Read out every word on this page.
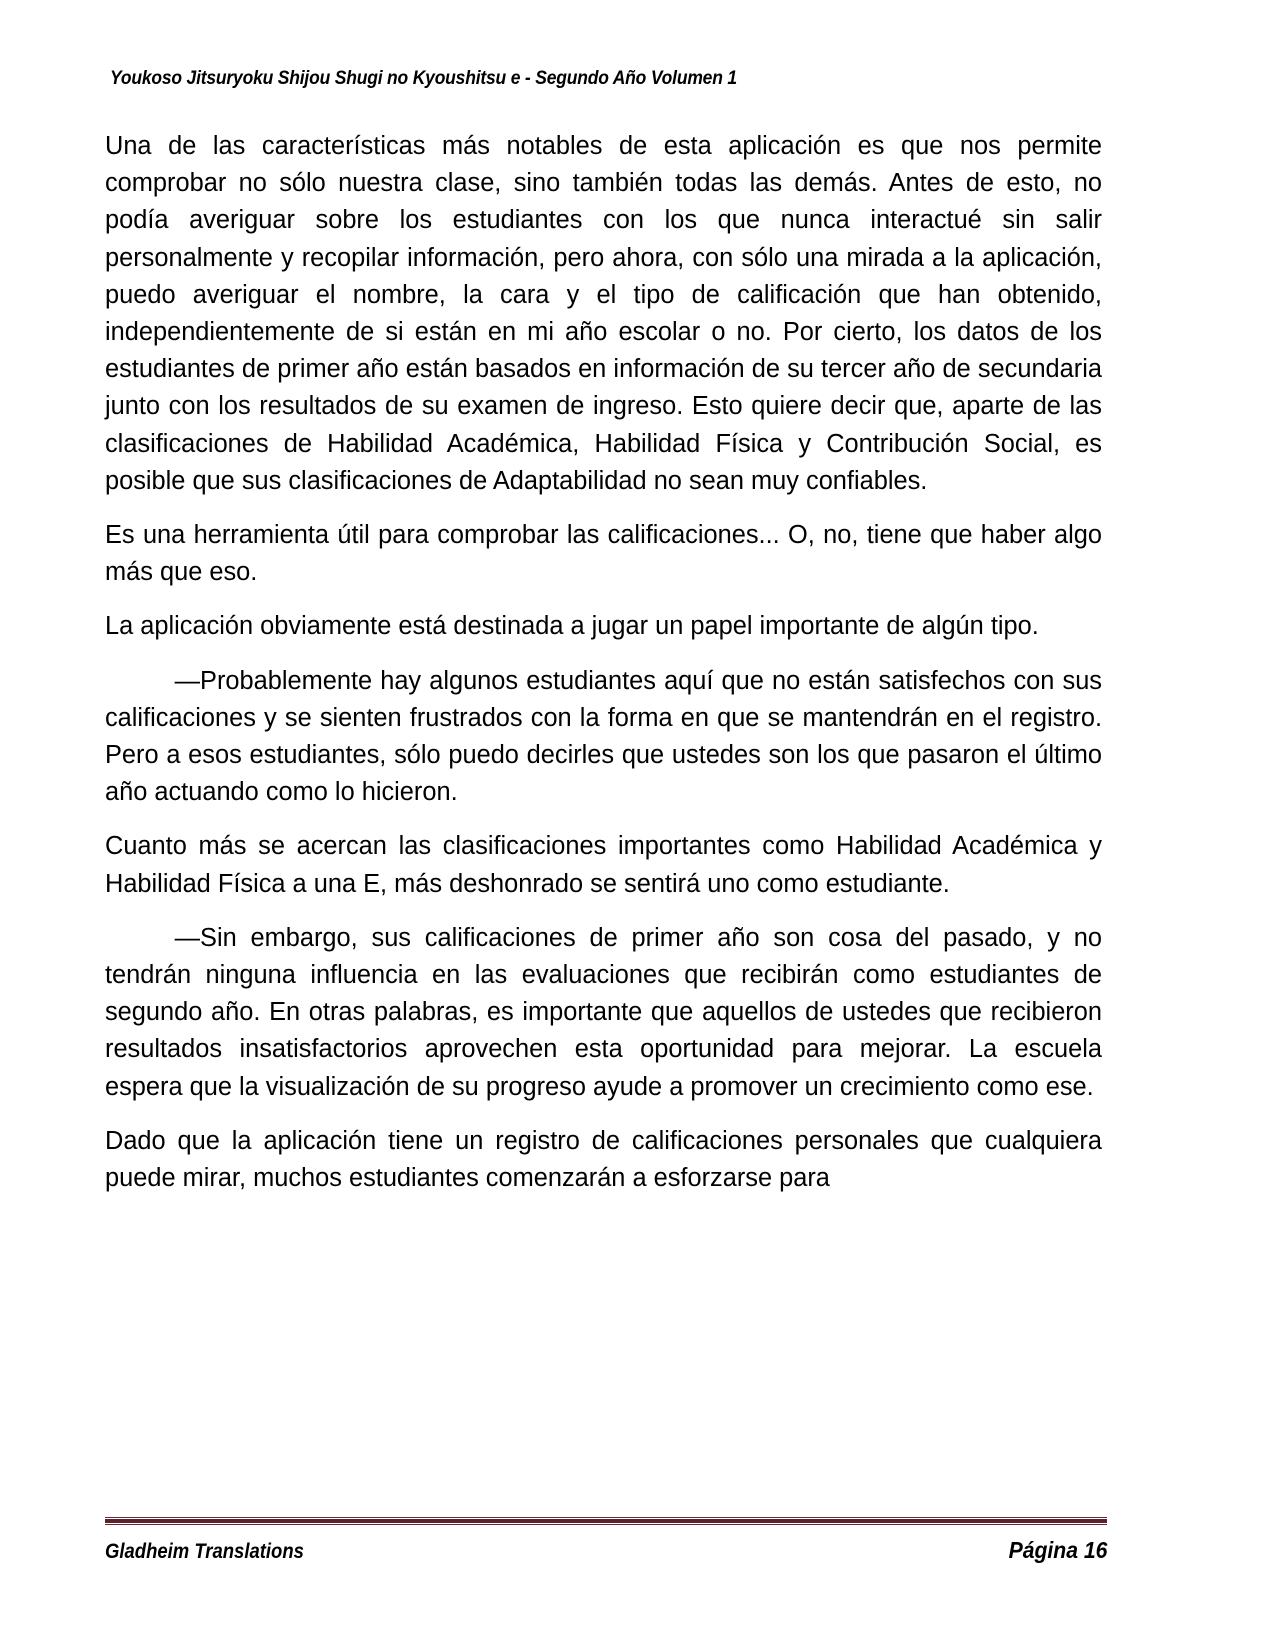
Youkoso Jitsuryoku Shijou Shugi no Kyoushitsu e - Segundo Año Volumen 1

Una de las características más notables de esta aplicación es que nos permite comprobar no sólo nuestra clase, sino también todas las demás. Antes de esto, no podía averiguar sobre los estudiantes con los que nunca interactué sin salir personalmente y recopilar información, pero ahora, con sólo una mirada a la aplicación, puedo averiguar el nombre, la cara y el tipo de calificación que han obtenido, independientemente de si están en mi año escolar o no. Por cierto, los datos de los estudiantes de primer año están basados en información de su tercer año de secundaria junto con los resultados de su examen de ingreso. Esto quiere decir que, aparte de las clasificaciones de Habilidad Académica, Habilidad Física y Contribución Social, es posible que sus clasificaciones de Adaptabilidad no sean muy confiables.

Es una herramienta útil para comprobar las calificaciones... O, no, tiene que haber algo más que eso.

La aplicación obviamente está destinada a jugar un papel importante de algún tipo.

—Probablemente hay algunos estudiantes aquí que no están satisfechos con sus calificaciones y se sienten frustrados con la forma en que se mantendrán en el registro. Pero a esos estudiantes, sólo puedo decirles que ustedes son los que pasaron el último año actuando como lo hicieron.

Cuanto más se acercan las clasificaciones importantes como Habilidad Académica y Habilidad Física a una E, más deshonrado se sentirá uno como estudiante.

—Sin embargo, sus calificaciones de primer año son cosa del pasado, y no tendrán ninguna influencia en las evaluaciones que recibirán como estudiantes de segundo año. En otras palabras, es importante que aquellos de ustedes que recibieron resultados insatisfactorios aprovechen esta oportunidad para mejorar. La escuela espera que la visualización de su progreso ayude a promover un crecimiento como ese.

Dado que la aplicación tiene un registro de calificaciones personales que cualquiera puede mirar, muchos estudiantes comenzarán a esforzarse para

Gladheim Translations	Página 16
